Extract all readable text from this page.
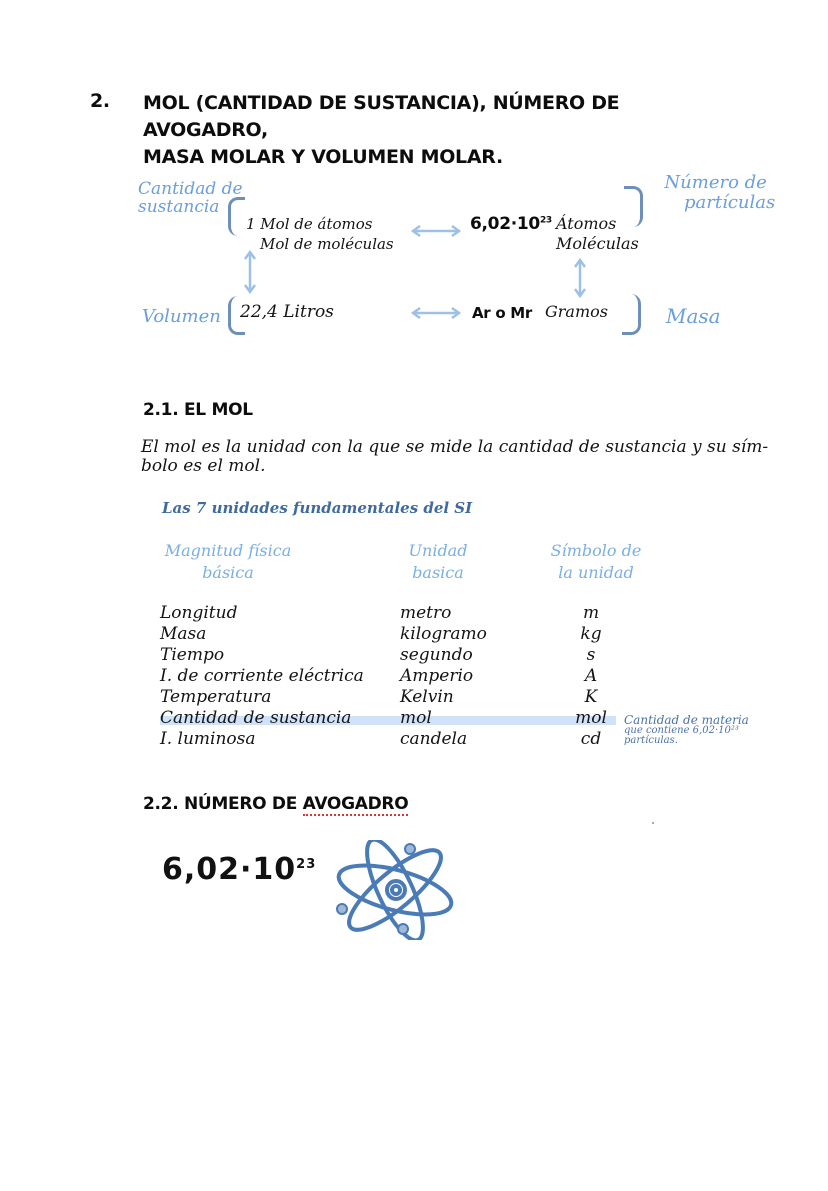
2. MOL (CANTIDAD DE SUSTANCIA), NÚMERO DE AVOGADRO,
MASA MOLAR Y VOLUMEN MOLAR.
Cantidad de
sustancia
1 Mol de átomos
Mol de moléculas
$6,02\cdot 10^{23}$ Átomos
Moléculas
Número de
partículas
Volumen 22,4 Litros	Ar o Mr Gramos	Masa
2.1. EL MOL
El mol es la unidad con la que se mide la cantidad de sustancia y su sím-
bolo es el mol.
Las 7 unidades fundamentales del SI
Magnitud física
básica
Unidad
basica
Símbolo de
la unidad
Longitud
Masa
Tiempo
I. de corriente eléctrica
Temperatura
Cantidad de sustancia
I. luminosa
metro
kilogramo
segundo
Amperio
Kelvin
mol
candela
m
kg
s
A
K
mol
cd
Cantidad de materia
que contiene 6,02·10²³
partículas.
2.2. NÚMERO DE AVOGADRO
$6,02\cdot 10^{23}$
